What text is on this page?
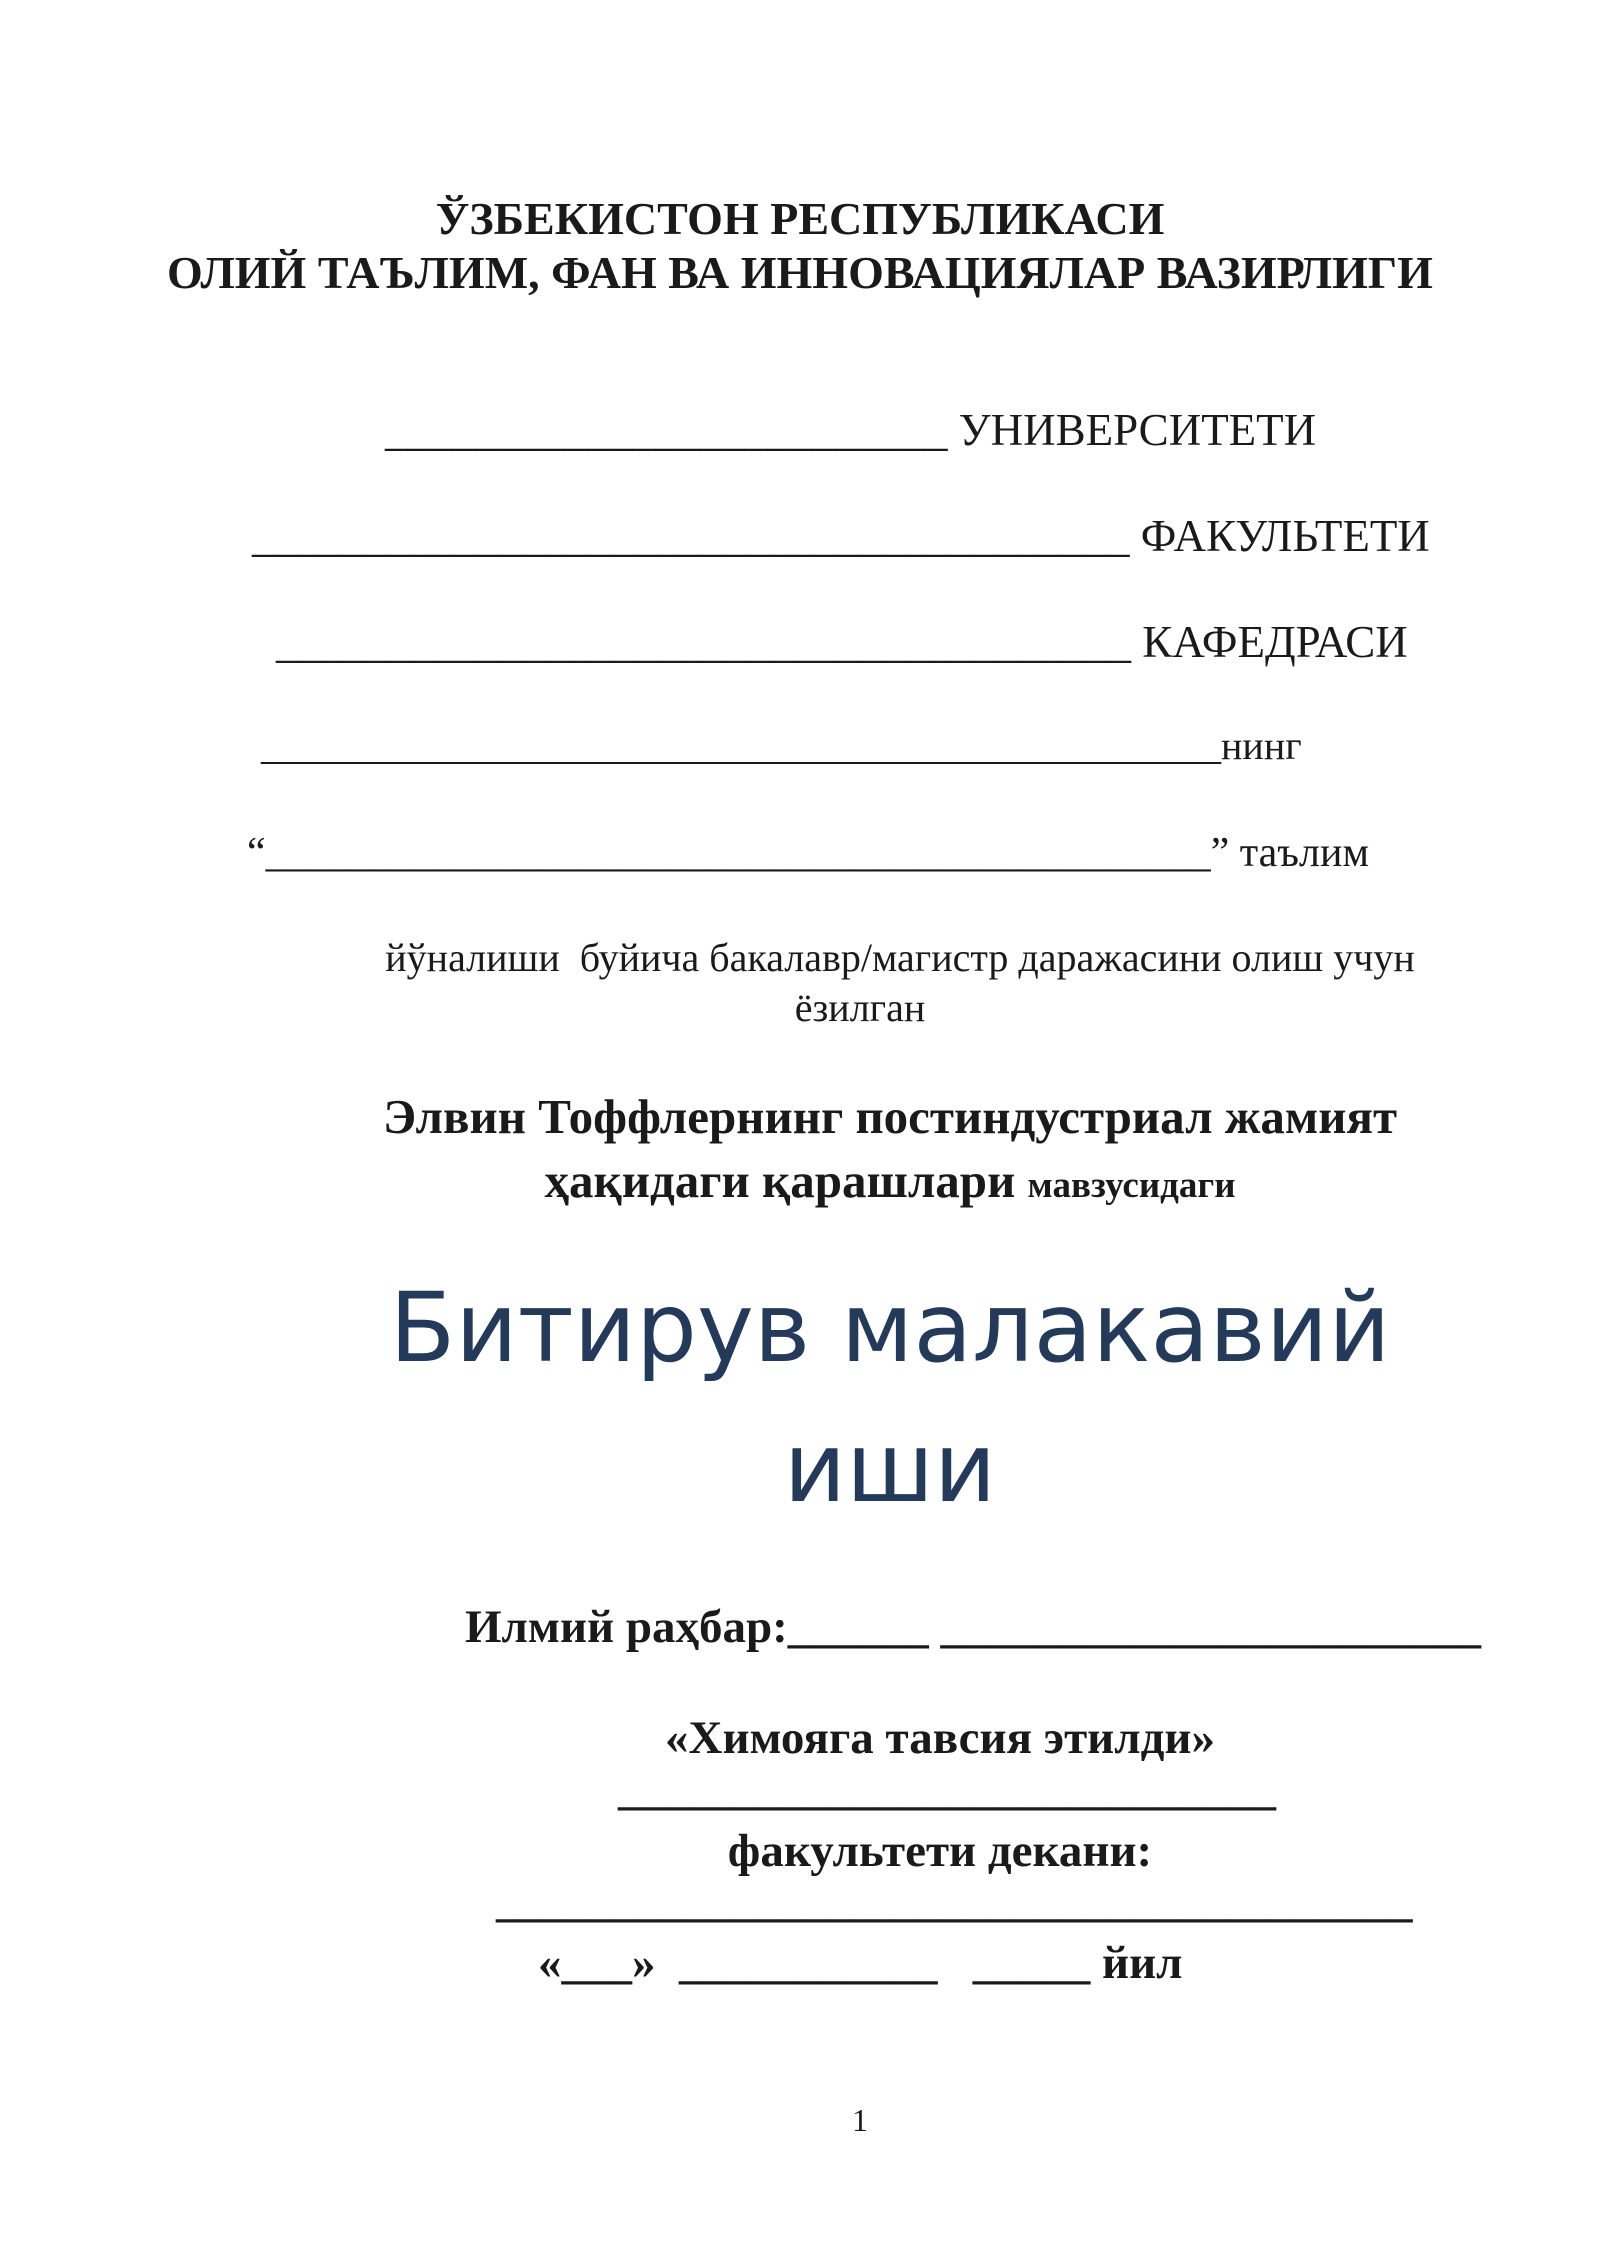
ЎЗБЕКИСТОН РЕСПУБЛИКАСИ
ОЛИЙ ТАЪЛИМ, ФАН ВА ИННОВАЦИЯЛАР ВАЗИРЛИГИ
_________________________ УНИВЕРСИТЕТИ
_______________________________________ ФАКУЛЬТЕТИ
______________________________________ КАФЕДРАСИ
________________________________________________нинг
“_____________________________________________” таълим
йўналиши  буйича бакалавр/магистр даражасини олиш учун
ёзилган
Элвин Тоффлернинг постиндустриал жамият
ҳақидаги қарашлари мавзусидаги
Битирув малакавий
иши
Илмий раҳбар:______ _______________________
«Химояга тавсия этилди»
____________________________
факультети декани:
_______________________________________
«___»  ___________   _____ йил
1
